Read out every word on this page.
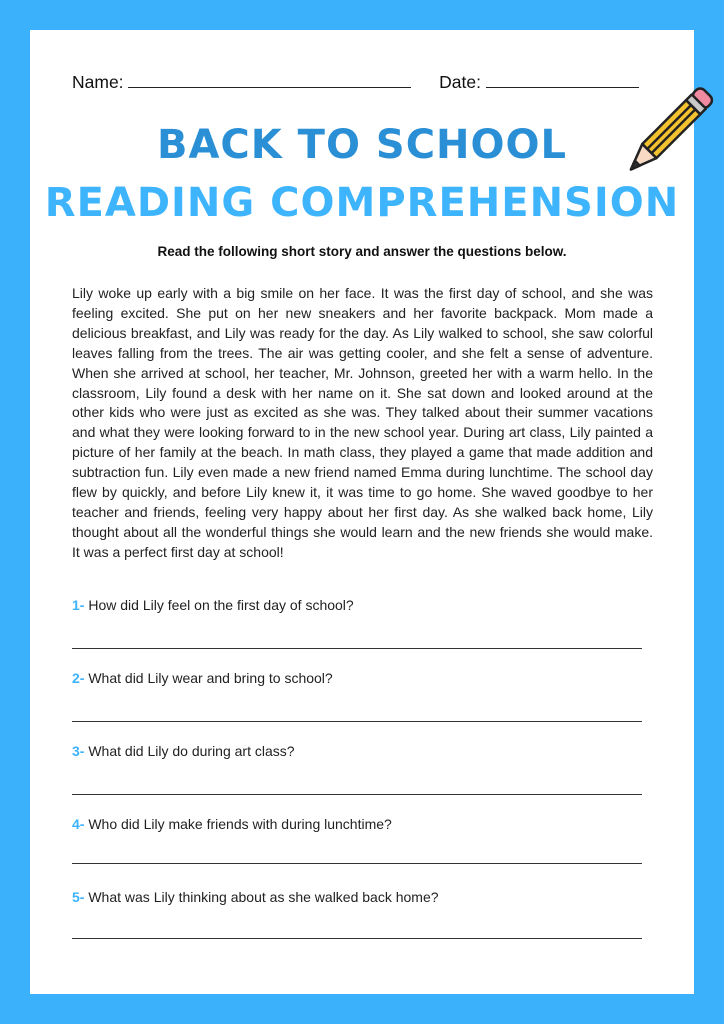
Name:	Date:
BACK TO SCHOOL
READING COMPREHENSION
Read the following short story and answer the questions below.
Lily woke up early with a big smile on her face. It was the first day of school, and she was feeling excited. She put on her new sneakers and her favorite backpack. Mom made a delicious breakfast, and Lily was ready for the day. As Lily walked to school, she saw colorful leaves falling from the trees. The air was getting cooler, and she felt a sense of adventure. When she arrived at school, her teacher, Mr. Johnson, greeted her with a warm hello. In the classroom, Lily found a desk with her name on it. She sat down and looked around at the other kids who were just as excited as she was. They talked about their summer vacations and what they were looking forward to in the new school year. During art class, Lily painted a picture of her family at the beach. In math class, they played a game that made addition and subtraction fun. Lily even made a new friend named Emma during lunchtime. The school day flew by quickly, and before Lily knew it, it was time to go home. She waved goodbye to her teacher and friends, feeling very happy about her first day. As she walked back home, Lily thought about all the wonderful things she would learn and the new friends she would make. It was a perfect first day at school!
1- How did Lily feel on the first day of school?
2- What did Lily wear and bring to school?
3- What did Lily do during art class?
4- Who did Lily make friends with during lunchtime?
5- What was Lily thinking about as she walked back home?
